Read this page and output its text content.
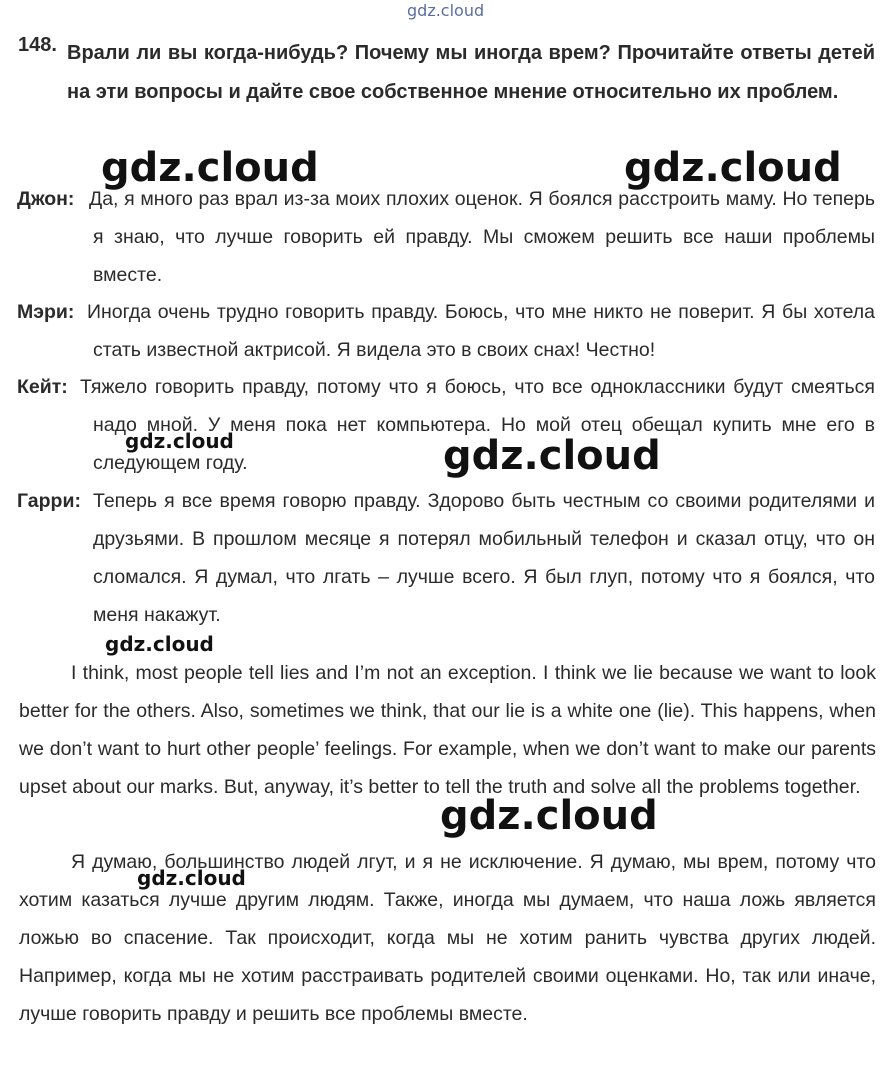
gdz.cloud
148. Врали ли вы когда-нибудь? Почему мы иногда врем? Прочитайте ответы детей на эти вопросы и дайте свое собственное мнение относительно их проблем.
Джон: Да, я много раз врал из-за моих плохих оценок. Я боялся расстроить маму. Но теперь я знаю, что лучше говорить ей правду. Мы сможем решить все наши проблемы вместе.
Мэри: Иногда очень трудно говорить правду. Боюсь, что мне никто не поверит. Я бы хотела стать известной актрисой. Я видела это в своих снах! Честно!
Кейт: Тяжело говорить правду, потому что я боюсь, что все одноклассники будут смеяться надо мной. У меня пока нет компьютера. Но мой отец обещал купить мне его в следующем году.
Гарри: Теперь я все время говорю правду. Здорово быть честным со своими родителями и друзьями. В прошлом месяце я потерял мобильный телефон и сказал отцу, что он сломался. Я думал, что лгать – лучше всего. Я был глуп, потому что я боялся, что меня накажут.
I think, most people tell lies and I’m not an exception. I think we lie because we want to look better for the others. Also, sometimes we think, that our lie is a white one (lie). This happens, when we don’t want to hurt other people’ feelings. For example, when we don’t want to make our parents upset about our marks. But, anyway, it’s better to tell the truth and solve all the problems together.
Я думаю, большинство людей лгут, и я не исключение. Я думаю, мы врем, потому что хотим казаться лучше другим людям. Также, иногда мы думаем, что наша ложь является ложью во спасение. Так происходит, когда мы не хотим ранить чувства других людей. Например, когда мы не хотим расстраивать родителей своими оценками. Но, так или иначе, лучше говорить правду и решить все проблемы вместе.
gdz.cloud	gdz.cloud
gdz.cloud	gdz.cloud
gdz.cloud
gdz.cloud
gdz.cloud
